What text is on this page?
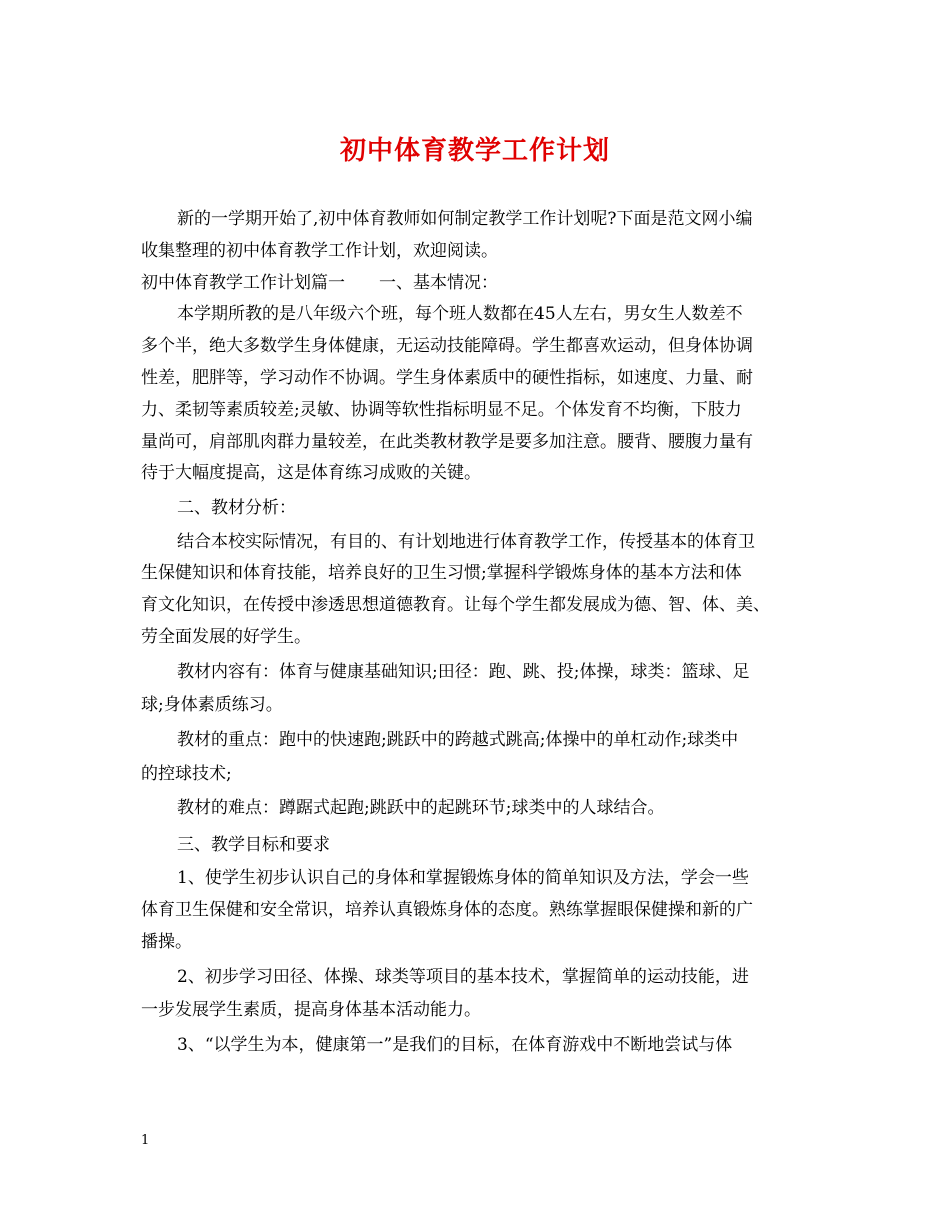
初中体育教学工作计划
新的一学期开始了,初中体育教师如何制定教学工作计划呢?下面是范文网小编
收集整理的初中体育教学工作计划，欢迎阅读。
初中体育教学工作计划篇一　　一、基本情况：
本学期所教的是八年级六个班，每个班人数都在45人左右，男女生人数差不
多个半，绝大多数学生身体健康，无运动技能障碍。学生都喜欢运动，但身体协调
性差，肥胖等，学习动作不协调。学生身体素质中的硬性指标，如速度、力量、耐
力、柔韧等素质较差;灵敏、协调等软性指标明显不足。个体发育不均衡，下肢力
量尚可，肩部肌肉群力量较差，在此类教材教学是要多加注意。腰背、腰腹力量有
待于大幅度提高，这是体育练习成败的关键。
二、教材分析：
结合本校实际情况，有目的、有计划地进行体育教学工作，传授基本的体育卫
生保健知识和体育技能，培养良好的卫生习惯;掌握科学锻炼身体的基本方法和体
育文化知识，在传授中渗透思想道德教育。让每个学生都发展成为德、智、体、美、
劳全面发展的好学生。
教材内容有：体育与健康基础知识;田径：跑、跳、投;体操，球类：篮球、足
球;身体素质练习。
教材的重点：跑中的快速跑;跳跃中的跨越式跳高;体操中的单杠动作;球类中
的控球技术;
教材的难点：蹲踞式起跑;跳跃中的起跳环节;球类中的人球结合。
三、教学目标和要求
1、使学生初步认识自己的身体和掌握锻炼身体的简单知识及方法，学会一些
体育卫生保健和安全常识，培养认真锻炼身体的态度。熟练掌握眼保健操和新的广
播操。
2、初步学习田径、体操、球类等项目的基本技术，掌握简单的运动技能，进
一步发展学生素质，提高身体基本活动能力。
3、“以学生为本，健康第一”是我们的目标，在体育游戏中不断地尝试与体
1
